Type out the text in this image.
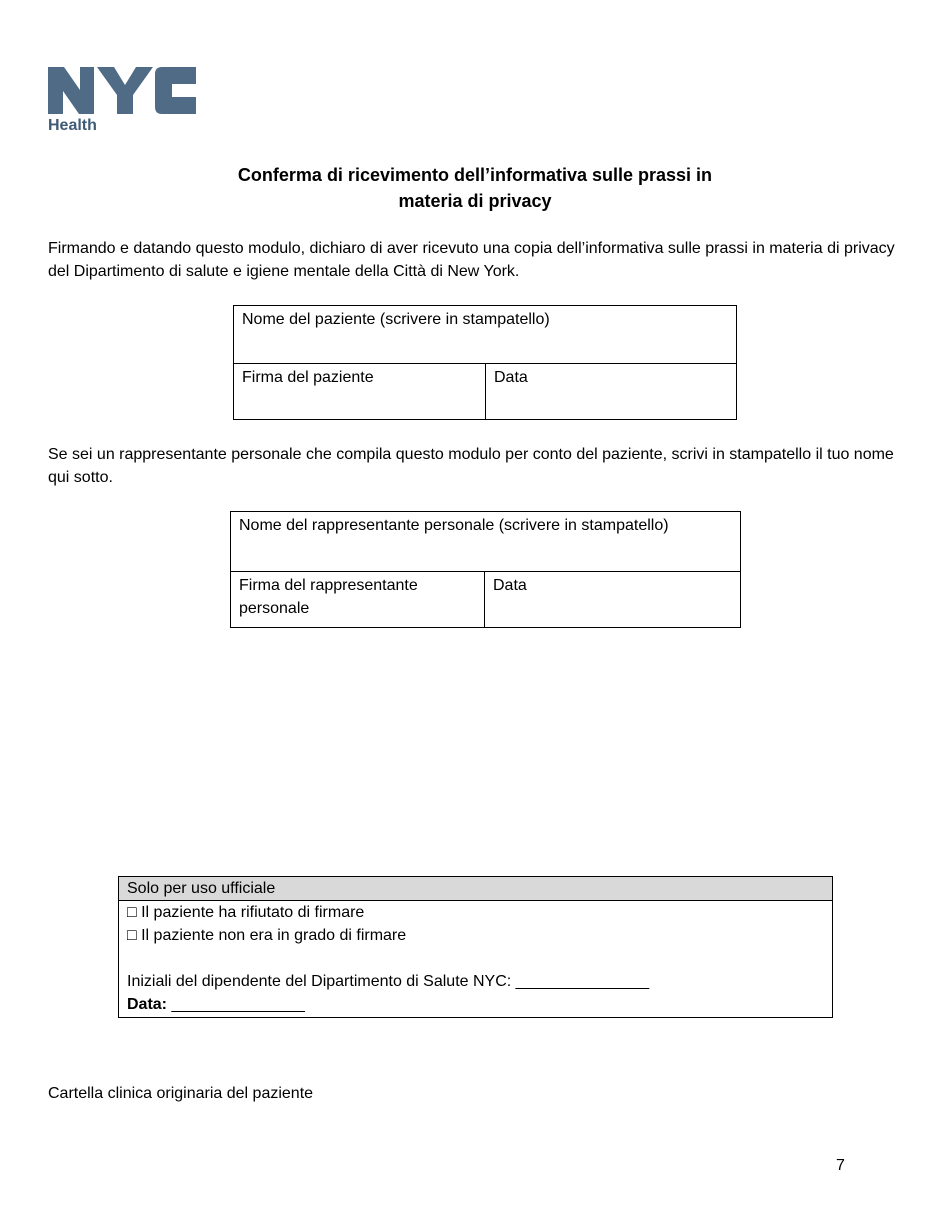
Health
Conferma di ricevimento dell’informativa sulle prassi in
materia di privacy
Firmando e datando questo modulo, dichiaro di aver ricevuto una copia dell’informativa sulle prassi in materia di privacy del Dipartimento di salute e igiene mentale della Città di New York.
Nome del paziente (scrivere in stampatello)
Firma del paziente	Data
Se sei un rappresentante personale che compila questo modulo per conto del paziente, scrivi in stampatello il tuo nome qui sotto.
Nome del rappresentante personale (scrivere in stampatello)
Firma del rappresentante personale	Data
Solo per uso ufficiale
□ Il paziente ha rifiutato di firmare
□ Il paziente non era in grado di firmare
Iniziali del dipendente del Dipartimento di Salute NYC: _______________
Data: _______________
Cartella clinica originaria del paziente
7
